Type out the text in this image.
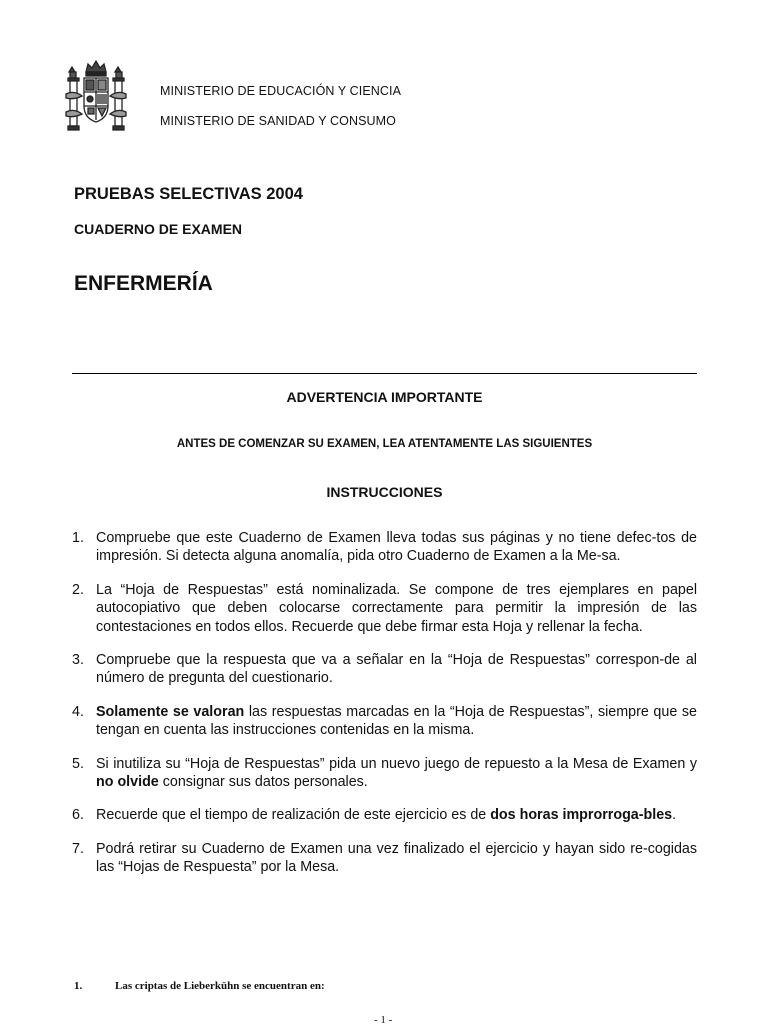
MINISTERIO DE EDUCACIÓN Y CIENCIA
MINISTERIO DE SANIDAD Y CONSUMO
PRUEBAS SELECTIVAS 2004
CUADERNO DE EXAMEN
ENFERMERÍA
ADVERTENCIA IMPORTANTE
ANTES DE COMENZAR SU EXAMEN, LEA ATENTAMENTE LAS SIGUIENTES
INSTRUCCIONES
1. Compruebe que este Cuaderno de Examen lleva todas sus páginas y no tiene defec-tos de impresión. Si detecta alguna anomalía, pida otro Cuaderno de Examen a la Me-sa.
2. La “Hoja de Respuestas” está nominalizada. Se compone de tres ejemplares en papel autocopiativo que deben colocarse correctamente para permitir la impresión de las contestaciones en todos ellos. Recuerde que debe firmar esta Hoja y rellenar la fecha.
3. Compruebe que la respuesta que va a señalar en la “Hoja de Respuestas” correspon-de al número de pregunta del cuestionario.
4. Solamente se valoran las respuestas marcadas en la “Hoja de Respuestas”, siempre que se tengan en cuenta las instrucciones contenidas en la misma.
5. Si inutiliza su “Hoja de Respuestas” pida un nuevo juego de repuesto a la Mesa de Examen y no olvide consignar sus datos personales.
6. Recuerde que el tiempo de realización de este ejercicio es de dos horas improrroga-bles.
7. Podrá retirar su Cuaderno de Examen una vez finalizado el ejercicio y hayan sido re-cogidas las “Hojas de Respuesta” por la Mesa.
1.	Las criptas de Lieberkühn se encuentran en:
- 1 -
